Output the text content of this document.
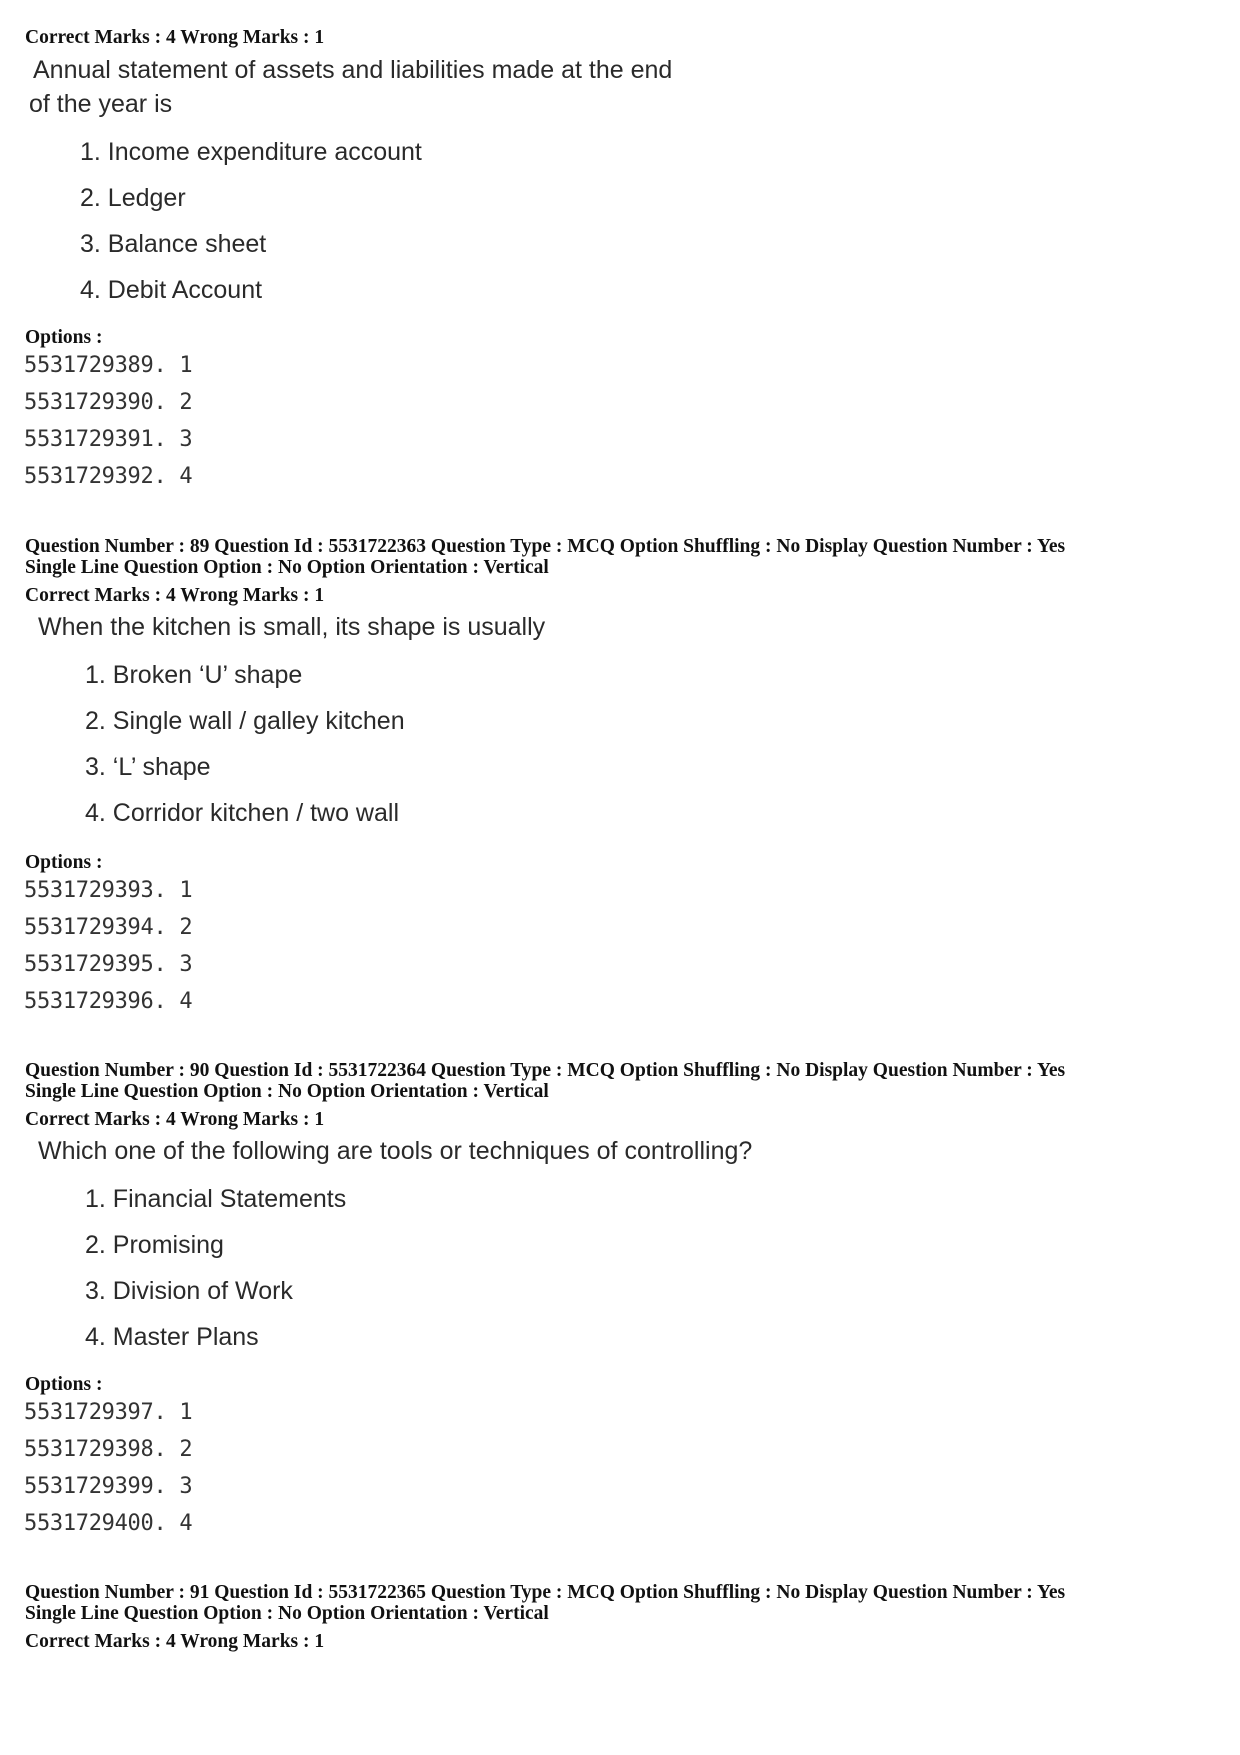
Correct Marks : 4 Wrong Marks : 1
Annual statement of assets and liabilities made at the end
of the year is
1. Income expenditure account
2. Ledger
3. Balance sheet
4. Debit Account
Options :
5531729389. 1
5531729390. 2
5531729391. 3
5531729392. 4
Question Number : 89 Question Id : 5531722363 Question Type : MCQ Option Shuffling : No Display Question Number : Yes
Single Line Question Option : No Option Orientation : Vertical
Correct Marks : 4 Wrong Marks : 1
When the kitchen is small, its shape is usually
1. Broken ‘U’ shape
2. Single wall / galley kitchen
3. ‘L’ shape
4. Corridor kitchen / two wall
Options :
5531729393. 1
5531729394. 2
5531729395. 3
5531729396. 4
Question Number : 90 Question Id : 5531722364 Question Type : MCQ Option Shuffling : No Display Question Number : Yes
Single Line Question Option : No Option Orientation : Vertical
Correct Marks : 4 Wrong Marks : 1
Which one of the following are tools or techniques of controlling?
1. Financial Statements
2. Promising
3. Division of Work
4. Master Plans
Options :
5531729397. 1
5531729398. 2
5531729399. 3
5531729400. 4
Question Number : 91 Question Id : 5531722365 Question Type : MCQ Option Shuffling : No Display Question Number : Yes
Single Line Question Option : No Option Orientation : Vertical
Correct Marks : 4 Wrong Marks : 1
